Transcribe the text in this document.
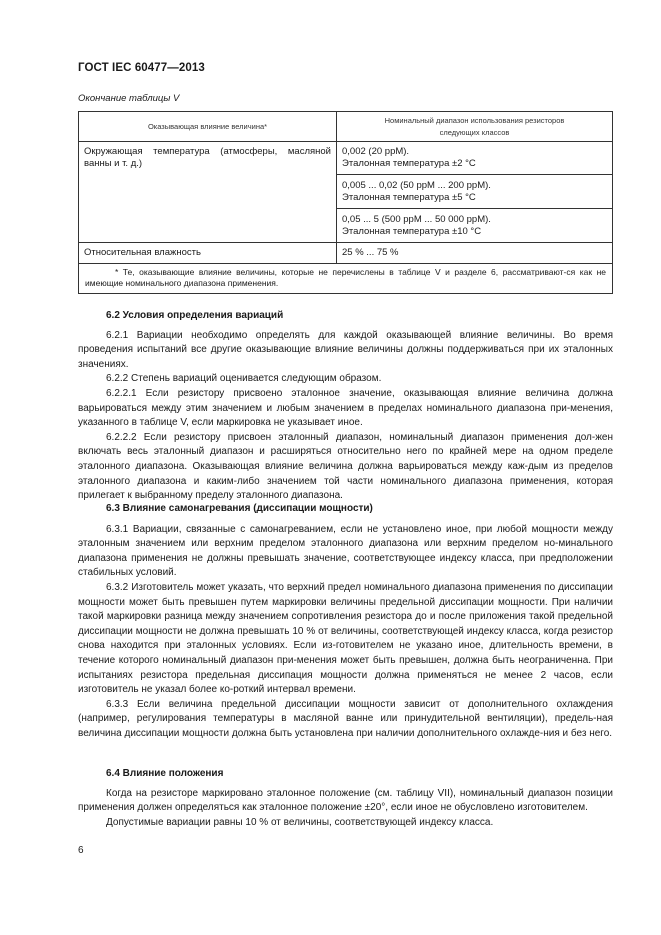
ГОСТ IEC 60477—2013
Окончание таблицы V
Оказывающая влияние величина*	Номинальный диапазон использования резисторов
следующих классов
Окружающая температура (атмосферы, масляной ванны и т. д.)	0,002 (20 ppM).
Эталонная температура ±2 °C
	0,005 ... 0,02 (50 ppM ... 200 ppM).
Эталонная температура ±5 °C
	0,05 ... 5 (500 ppM ... 50 000 ppM).
Эталонная температура ±10 °C
Относительная влажность	25 % ... 75 %
* Те, оказывающие влияние величины, которые не перечислены в таблице V и разделе 6, рассматривают-ся как не имеющие номинального диапазона применения.	
6.2 Условия определения вариаций

6.2.1 Вариации необходимо определять для каждой оказывающей влияние величины. Во время проведения испытаний все другие оказывающие влияние величины должны поддерживаться при их эталонных значениях.

6.2.2 Степень вариаций оценивается следующим образом.

6.2.2.1 Если резистору присвоено эталонное значение, оказывающая влияние величина должна варьироваться между этим значением и любым значением в пределах номинального диапазона при-менения, указанного в таблице V, если маркировка не указывает иное.

6.2.2.2 Если резистору присвоен эталонный диапазон, номинальный диапазон применения дол-жен включать весь эталонный диапазон и расширяться относительно него по крайней мере на одном пределе эталонного диапазона. Оказывающая влияние величина должна варьироваться между каж-дым из пределов эталонного диапазона и каким-либо значением той части номинального диапазона применения, которая прилегает к выбранному пределу эталонного диапазона.

6.3 Влияние самонагревания (диссипации мощности)

6.3.1 Вариации, связанные с самонагреванием, если не установлено иное, при любой мощности между эталонным значением или верхним пределом эталонного диапазона или верхним пределом но-минального диапазона применения не должны превышать значение, соответствующее индексу класса, при предположении стабильных условий.

6.3.2 Изготовитель может указать, что верхний предел номинального диапазона применения по диссипации мощности может быть превышен путем маркировки величины предельной диссипации мощности. При наличии такой маркировки разница между значением сопротивления резистора до и после приложения такой предельной диссипации мощности не должна превышать 10 % от величины, соответствующей индексу класса, когда резистор снова находится при эталонных условиях. Если из-готовителем не указано иное, длительность времени, в течение которого номинальный диапазон при-менения может быть превышен, должна быть неограниченна. При испытаниях резистора предельная диссипация мощности должна применяться не менее 2 часов, если изготовитель не указал более ко-роткий интервал времени.

6.3.3 Если величина предельной диссипации мощности зависит от дополнительного охлаждения (например, регулирования температуры в масляной ванне или принудительной вентиляции), предель-ная величина диссипации мощности должна быть установлена при наличии дополнительного охлажде-ния и без него.

6.4 Влияние положения

Когда на резисторе маркировано эталонное положение (см. таблицу VII), номинальный диапазон позиции применения должен определяться как эталонное положение ±20°, если иное не обусловлено изготовителем.

Допустимые вариации равны 10 % от величины, соответствующей индексу класса.

6
